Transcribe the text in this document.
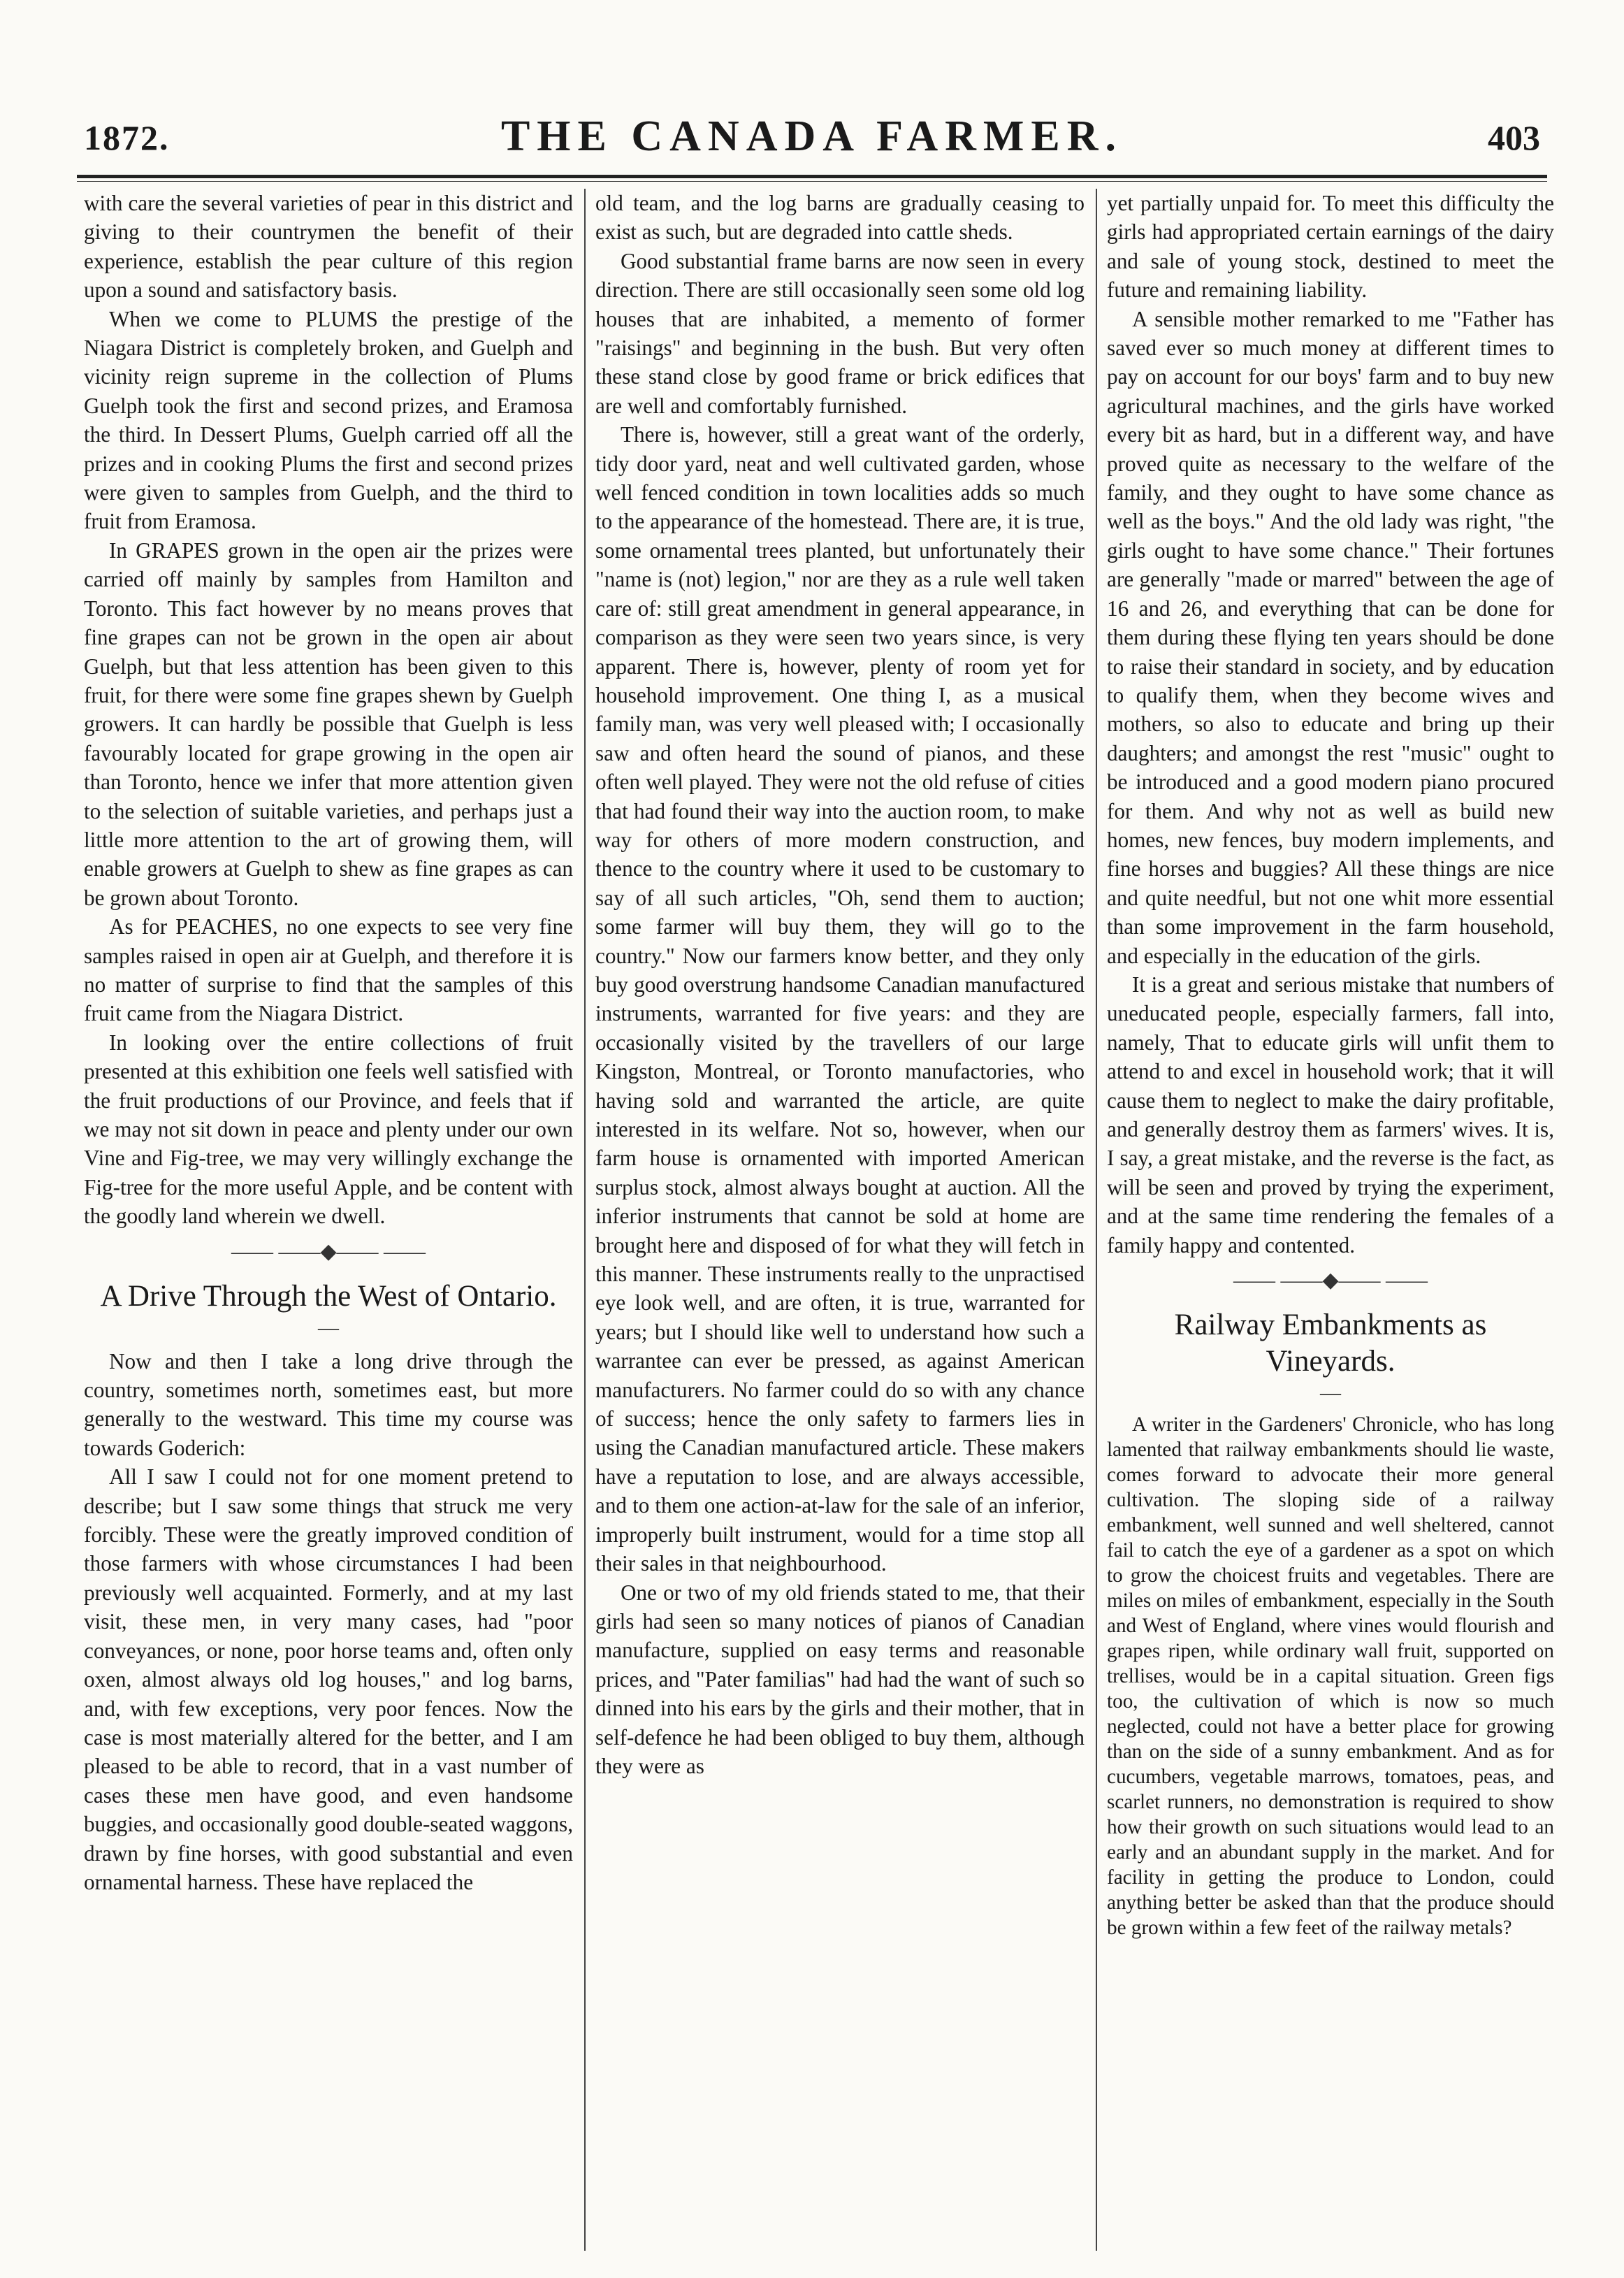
1872.	THE CANADA FARMER.	403

with care the several varieties of pear in this district and giving to their countrymen the benefit of their experience, establish the pear culture of this region upon a sound and satisfactory basis.

When we come to PLUMS the prestige of the Niagara District is completely broken, and Guelph and vicinity reign supreme in the collection of Plums Guelph took the first and second prizes, and Eramosa the third. In Dessert Plums, Guelph carried off all the prizes and in cooking Plums the first and second prizes were given to samples from Guelph, and the third to fruit from Eramosa.

In GRAPES grown in the open air the prizes were carried off mainly by samples from Hamilton and Toronto. This fact however by no means proves that fine grapes can not be grown in the open air about Guelph, but that less attention has been given to this fruit, for there were some fine grapes shewn by Guelph growers. It can hardly be possible that Guelph is less favourably located for grape growing in the open air than Toronto, hence we infer that more attention given to the selection of suitable varieties, and perhaps just a little more attention to the art of growing them, will enable growers at Guelph to shew as fine grapes as can be grown about Toronto.

As for PEACHES, no one expects to see very fine samples raised in open air at Guelph, and therefore it is no matter of surprise to find that the samples of this fruit came from the Niagara District.

In looking over the entire collections of fruit presented at this exhibition one feels well satisfied with the fruit productions of our Province, and feels that if we may not sit down in peace and plenty under our own Vine and Fig-tree, we may very willingly exchange the Fig-tree for the more useful Apple, and be content with the goodly land wherein we dwell.

—— ——◆—— ——
A Drive Through the West of Ontario.
—

Now and then I take a long drive through the country, sometimes north, sometimes east, but more generally to the westward. This time my course was towards Goderich:

All I saw I could not for one moment pretend to describe; but I saw some things that struck me very forcibly. These were the greatly improved condition of those farmers with whose circumstances I had been previously well acquainted. Formerly, and at my last visit, these men, in very many cases, had "poor conveyances, or none, poor horse teams and, often only oxen, almost always old log houses," and log barns, and, with few exceptions, very poor fences. Now the case is most materially altered for the better, and I am pleased to be able to record, that in a vast number of cases these men have good, and even handsome buggies, and occasionally good double-seated waggons, drawn by fine horses, with good substantial and even ornamental harness. These have replaced the

old team, and the log barns are gradually ceasing to exist as such, but are degraded into cattle sheds.

Good substantial frame barns are now seen in every direction. There are still occasionally seen some old log houses that are inhabited, a memento of former "raisings" and beginning in the bush. But very often these stand close by good frame or brick edifices that are well and comfortably furnished.

There is, however, still a great want of the orderly, tidy door yard, neat and well cultivated garden, whose well fenced condition in town localities adds so much to the appearance of the homestead. There are, it is true, some ornamental trees planted, but unfortunately their "name is (not) legion," nor are they as a rule well taken care of: still great amendment in general appearance, in comparison as they were seen two years since, is very apparent. There is, however, plenty of room yet for household improvement. One thing I, as a musical family man, was very well pleased with; I occasionally saw and often heard the sound of pianos, and these often well played. They were not the old refuse of cities that had found their way into the auction room, to make way for others of more modern construction, and thence to the country where it used to be customary to say of all such articles, "Oh, send them to auction; some farmer will buy them, they will go to the country." Now our farmers know better, and they only buy good overstrung handsome Canadian manufactured instruments, warranted for five years: and they are occasionally visited by the travellers of our large Kingston, Montreal, or Toronto manufactories, who having sold and warranted the article, are quite interested in its welfare. Not so, however, when our farm house is ornamented with imported American surplus stock, almost always bought at auction. All the inferior instruments that cannot be sold at home are brought here and disposed of for what they will fetch in this manner. These instruments really to the unpractised eye look well, and are often, it is true, warranted for years; but I should like well to understand how such a warrantee can ever be pressed, as against American manufacturers. No farmer could do so with any chance of success; hence the only safety to farmers lies in using the Canadian manufactured article. These makers have a reputation to lose, and are always accessible, and to them one action-at-law for the sale of an inferior, improperly built instrument, would for a time stop all their sales in that neighbourhood.

One or two of my old friends stated to me, that their girls had seen so many notices of pianos of Canadian manufacture, supplied on easy terms and reasonable prices, and "Pater familias" had had the want of such so dinned into his ears by the girls and their mother, that in self-defence he had been obliged to buy them, although they were as

yet partially unpaid for. To meet this difficulty the girls had appropriated certain earnings of the dairy and sale of young stock, destined to meet the future and remaining liability.

A sensible mother remarked to me "Father has saved ever so much money at different times to pay on account for our boys' farm and to buy new agricultural machines, and the girls have worked every bit as hard, but in a different way, and have proved quite as necessary to the welfare of the family, and they ought to have some chance as well as the boys." And the old lady was right, "the girls ought to have some chance." Their fortunes are generally "made or marred" between the age of 16 and 26, and everything that can be done for them during these flying ten years should be done to raise their standard in society, and by education to qualify them, when they become wives and mothers, so also to educate and bring up their daughters; and amongst the rest "music" ought to be introduced and a good modern piano procured for them. And why not as well as build new homes, new fences, buy modern implements, and fine horses and buggies? All these things are nice and quite needful, but not one whit more essential than some improvement in the farm household, and especially in the education of the girls.

It is a great and serious mistake that numbers of uneducated people, especially farmers, fall into, namely, That to educate girls will unfit them to attend to and excel in household work; that it will cause them to neglect to make the dairy profitable, and generally destroy them as farmers' wives. It is, I say, a great mistake, and the reverse is the fact, as will be seen and proved by trying the experiment, and at the same time rendering the females of a family happy and contented.

—— ——◆—— ——
Railway Embankments as Vineyards.
—

A writer in the Gardeners' Chronicle, who has long lamented that railway embankments should lie waste, comes forward to advocate their more general cultivation. The sloping side of a railway embankment, well sunned and well sheltered, cannot fail to catch the eye of a gardener as a spot on which to grow the choicest fruits and vegetables. There are miles on miles of embankment, especially in the South and West of England, where vines would flourish and grapes ripen, while ordinary wall fruit, supported on trellises, would be in a capital situation. Green figs too, the cultivation of which is now so much neglected, could not have a better place for growing than on the side of a sunny embankment. And as for cucumbers, vegetable marrows, tomatoes, peas, and scarlet runners, no demonstration is required to show how their growth on such situations would lead to an early and an abundant supply in the market. And for facility in getting the produce to London, could anything better be asked than that the produce should be grown within a few feet of the railway metals?
